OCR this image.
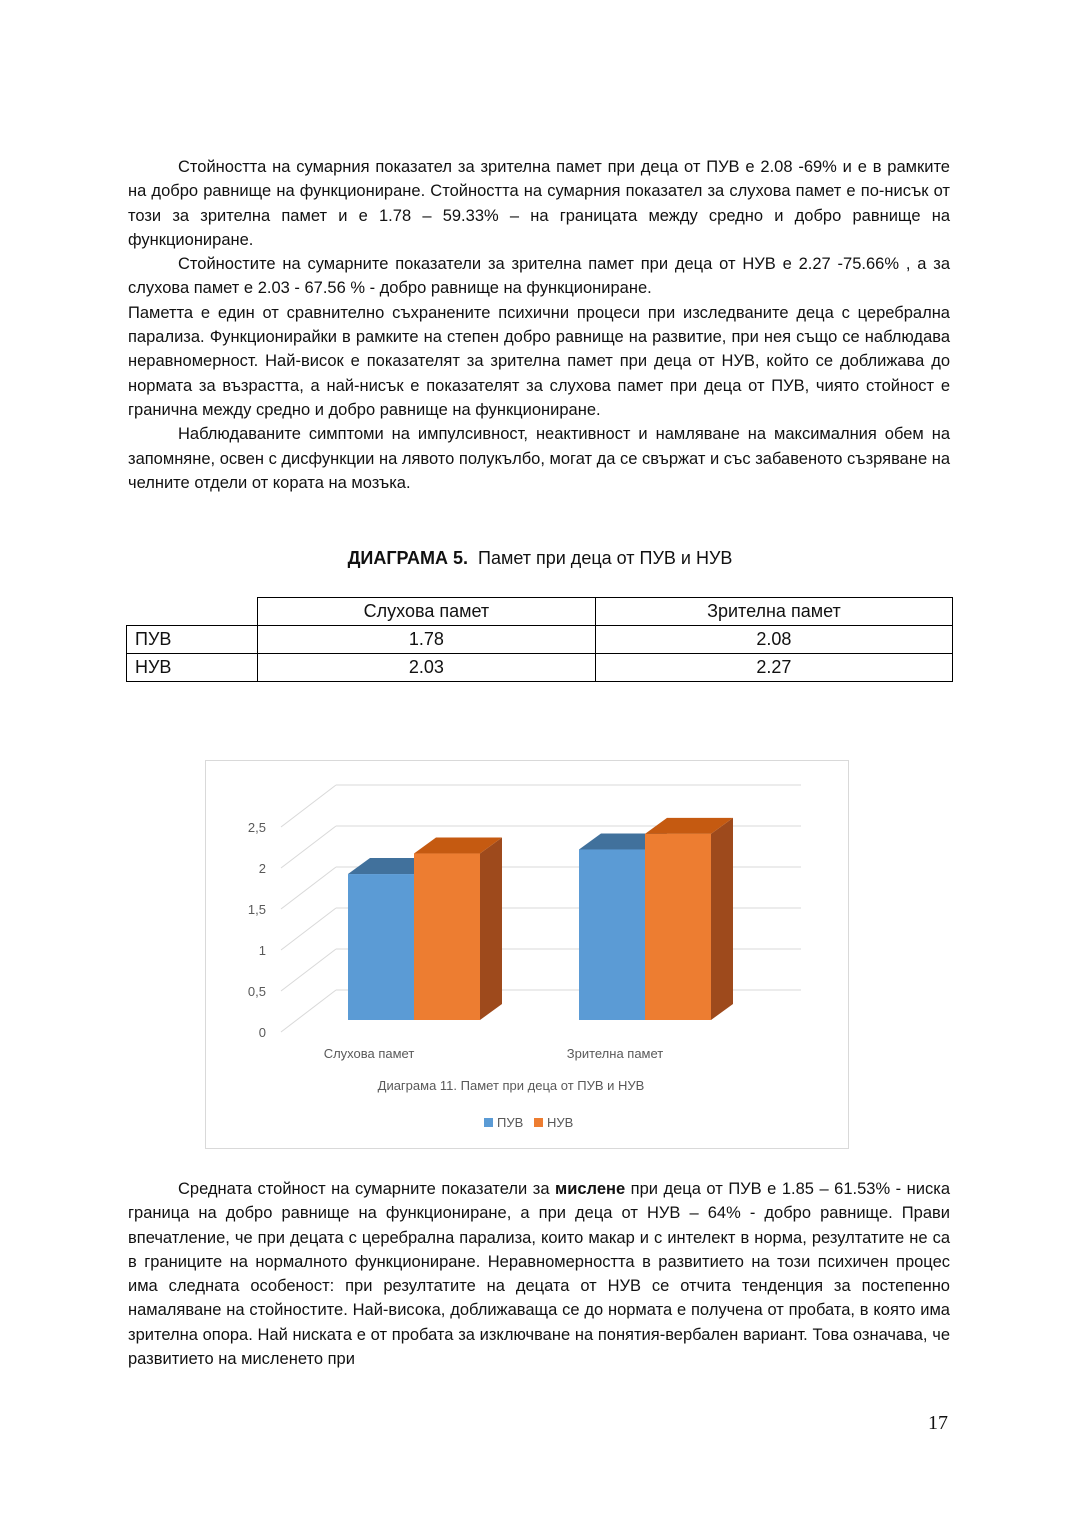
Стойността на сумарния показател за зрителна памет при деца от ПУВ е 2.08 -69% и е в рамките на добро равнище на функциониране. Стойността на сумарния показател за слухова памет е по-нисък от този за зрителна памет и е 1.78 – 59.33% – на границата между средно и добро равнище на функциониране.

Стойностите на сумарните показатели за зрителна памет при деца от НУВ е 2.27 -75.66% , а за слухова памет е 2.03 - 67.56 % - добро равнище на функциониране.

Паметта е един от сравнително съхранените психични процеси при изследваните деца с церебрална парализа. Функционирайки в рамките на степен добро равнище на развитие, при нея също се наблюдава неравномерност. Най-висок е показателят за зрителна памет при деца от НУВ, който се доближава до нормата за възрастта, а най-нисък е показателят за слухова памет при деца от ПУВ, чиято стойност е гранична между средно и добро равнище на функциониране.

Наблюдаваните симптоми на импулсивност, неактивност и намляване на максималния обем на запомняне, освен с дисфункции на лявото полукълбо, могат да се свържат и със забавеното съзряване на челните отдели от кората на мозъка.

ДИАГРАМА 5. Памет при деца от ПУВ и НУВ
	Слухова памет	Зрителна памет
ПУВ	1.78	2.08
НУВ	2.03	2.27
0
0,5
1
1,5
2
2,5
Слухова памет	Зрителна памет
Диаграма 11. Памет при деца от ПУВ и НУВ
ПУВ НУВ

Средната стойност на сумарните показатели за мислене при деца от ПУВ е 1.85 – 61.53% - ниска граница на добро равнище на функциониране, а при деца от НУВ – 64% - добро равнище. Прави впечатление, че при децата с церебрална парализа, които макар и с интелект в норма, резултатите не са в границите на нормалното функциониране. Неравномерността в развитието на този психичен процес има следната особеност: при резултатите на децата от НУВ се отчита тенденция за постепенно намаляване на стойностите. Най-висока, доближаваща се до нормата е получена от пробата, в която има зрителна опора. Най ниската е от пробата за изключване на понятия-вербален вариант. Това означава, че развитието на мисленето при

17
